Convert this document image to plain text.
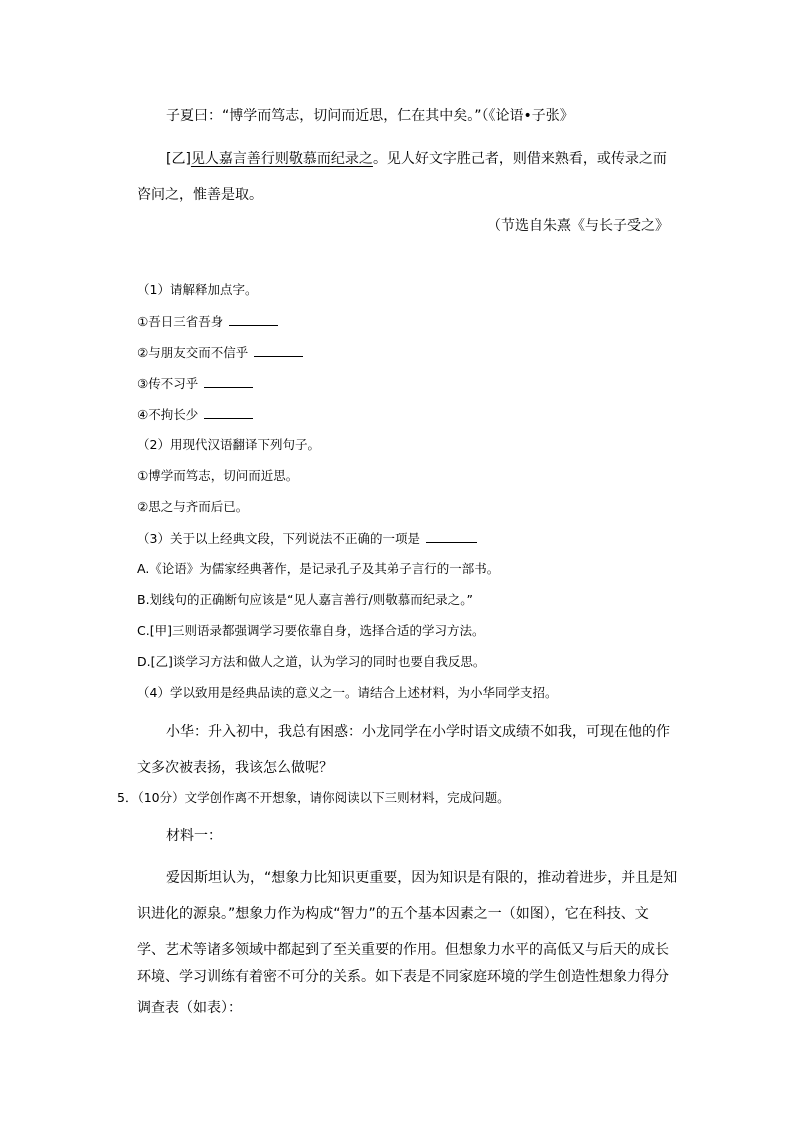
子夏曰：“博学而笃志，切问而近思，仁在其中矣。”（《论语•子张》
[乙]见人嘉言善行则敬慕而纪录之。见人好文字胜己者，则借来熟看，或传录之而
咨问之，惟善是取。
（节选自朱熹《与长子受之》
（1）请解释加点字。
①吾日三省吾身
②与朋友交而不信乎
③传不习乎
④不拘长少
（2）用现代汉语翻译下列句子。
①博学而笃志，切问而近思。
②思之与齐而后已。
（3）关于以上经典文段，下列说法不正确的一项是
A.《论语》为儒家经典著作，是记录孔子及其弟子言行的一部书。
B.划线句的正确断句应该是“见人嘉言善行/则敬慕而纪录之。”
C.[甲]三则语录都强调学习要依靠自身，选择合适的学习方法。
D.[乙]谈学习方法和做人之道，认为学习的同时也要自我反思。
（4）学以致用是经典品读的意义之一。请结合上述材料，为小华同学支招。
小华：升入初中，我总有困惑：小龙同学在小学时语文成绩不如我，可现在他的作
文多次被表扬，我该怎么做呢？
5．（10分）文学创作离不开想象，请你阅读以下三则材料，完成问题。
材料一：
爱因斯坦认为，“想象力比知识更重要，因为知识是有限的，推动着进步，并且是知
识进化的源泉。”想象力作为构成“智力”的五个基本因素之一（如图），它在科技、文
学、艺术等诸多领域中都起到了至关重要的作用。但想象力水平的高低又与后天的成长
环境、学习训练有着密不可分的关系。如下表是不同家庭环境的学生创造性想象力得分
调查表（如表）：
